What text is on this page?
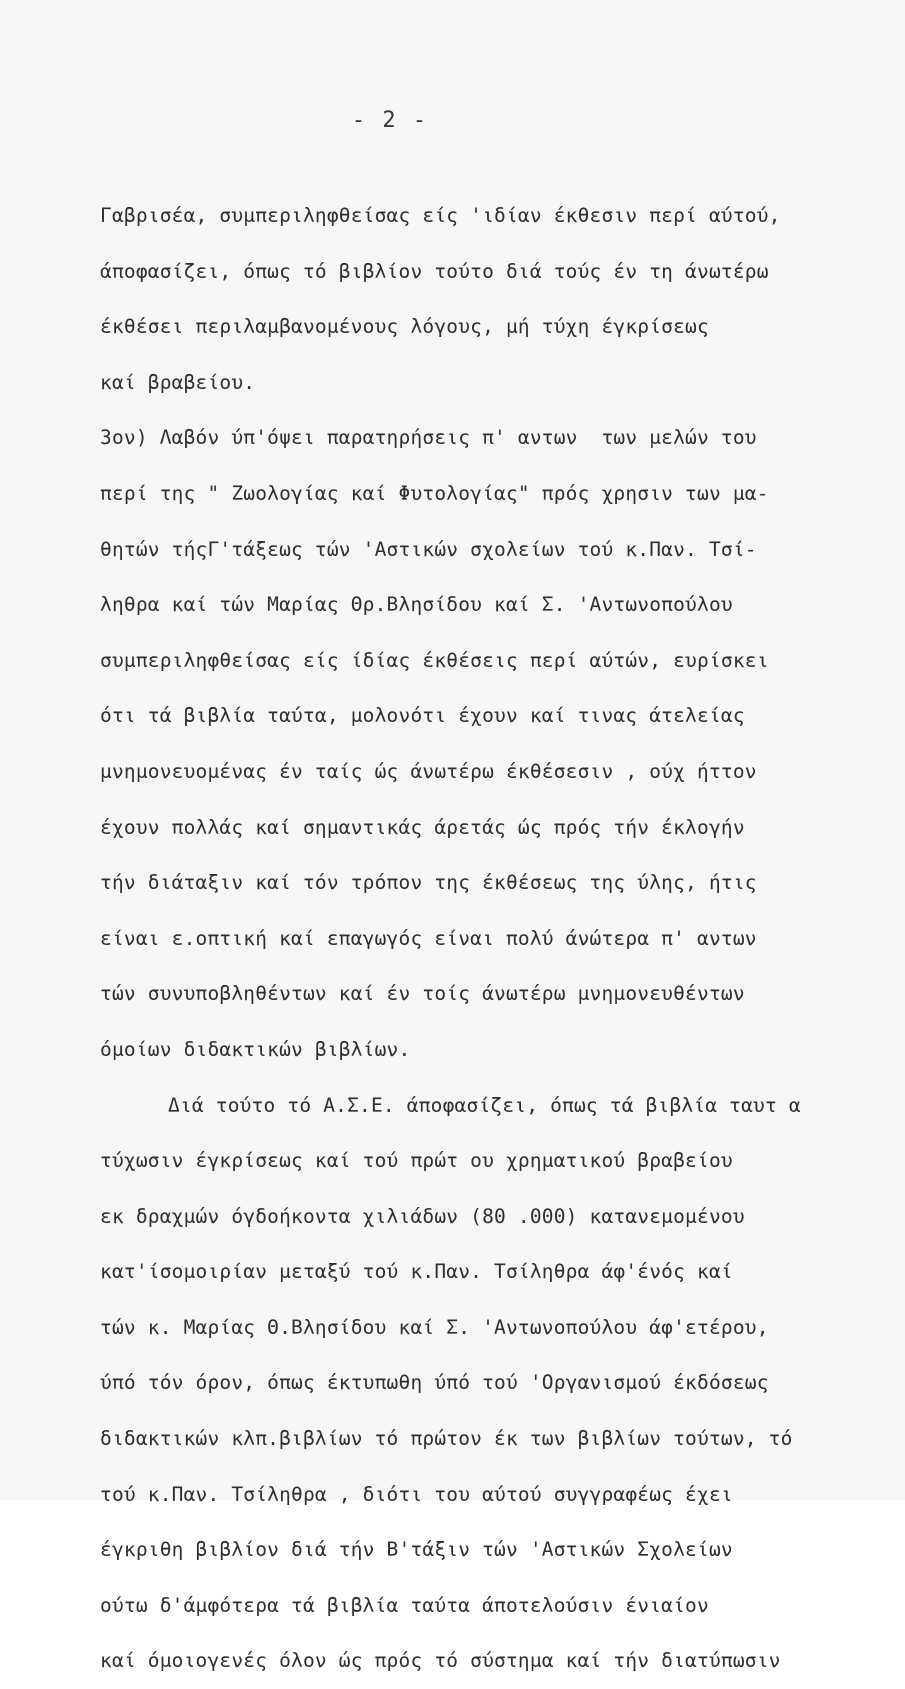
- 2 -
Γαβρισέα, συμπεριληφθείσας είς 'ιδίαν έκθεσιν περί αύτού,
άποφασίζει, όπως τό βιβλίον τούτο διά τούς έν τη άνωτέρω
έκθέσει περιλαμβανομένους λόγους, μή τύχη έγκρίσεως
καί βραβείου.
3ον) Λαβόν ύπ'όψει παρατηρήσεις π' αντων  των μελών του
περί της " Ζωολογίας καί Φυτολογίας" πρός χρησιν των μα-
θητών τήςΓ'τάξεως τών 'Αστικών σχολείων τού κ.Παν. Τσί-
ληθρα καί τών Μαρίας Θρ.Βλησίδου καί Σ. 'Αντωνοπούλου
συμπεριληφθείσας είς ίδίας έκθέσεις περί αύτών, ευρίσκει
ότι τά βιβλία ταύτα, μολονότι έχουν καί τινας άτελείας
μνημονευομένας έν ταίς ώς άνωτέρω έκθέσεσιν , ούχ ήττον
έχουν πολλάς καί σημαντικάς άρετάς ώς πρός τήν έκλογήν
τήν διάταξιν καί τόν τρόπον της έκθέσεως της ύλης, ήτις
είναι ε.οπτική καί επαγωγός είναι πολύ άνώτερα π' αντων
τών συνυποβληθέντων καί έν τοίς άνωτέρω μνημονευθέντων
όμοίων διδακτικών βιβλίων.
Διά τούτο τό Α.Σ.Ε. άποφασίζει, όπως τά βιβλία ταυτ α
τύχωσιν έγκρίσεως καί τού πρώτ ου χρηματικού βραβείου
εκ δραχμών όγδοήκοντα χιλιάδων (80 .000) κατανεμομένου
κατ'ίσομοιρίαν μεταξύ τού κ.Παν. Τσίληθρα άφ'ένός καί
τών κ. Μαρίας Θ.Βλησίδου καί Σ. 'Αντωνοπούλου άφ'ετέρου,
ύπό τόν όρον, όπως έκτυπωθη ύπό τού 'Οργανισμού έκδόσεως
διδακτικών κλπ.βιβλίων τό πρώτον έκ των βιβλίων τούτων, τό
τού κ.Παν. Τσίληθρα , διότι του αύτού συγγραφέως έχει
έγκριθη βιβλίον διά τήν Β'τάξιν τών 'Αστικών Σχολείων
ούτω δ'άμφότερα τά βιβλία ταύτα άποτελούσιν ένιαίον
καί όμοιογενές όλον ώς πρός τό σύστημα καί τήν διατύπωσιν
